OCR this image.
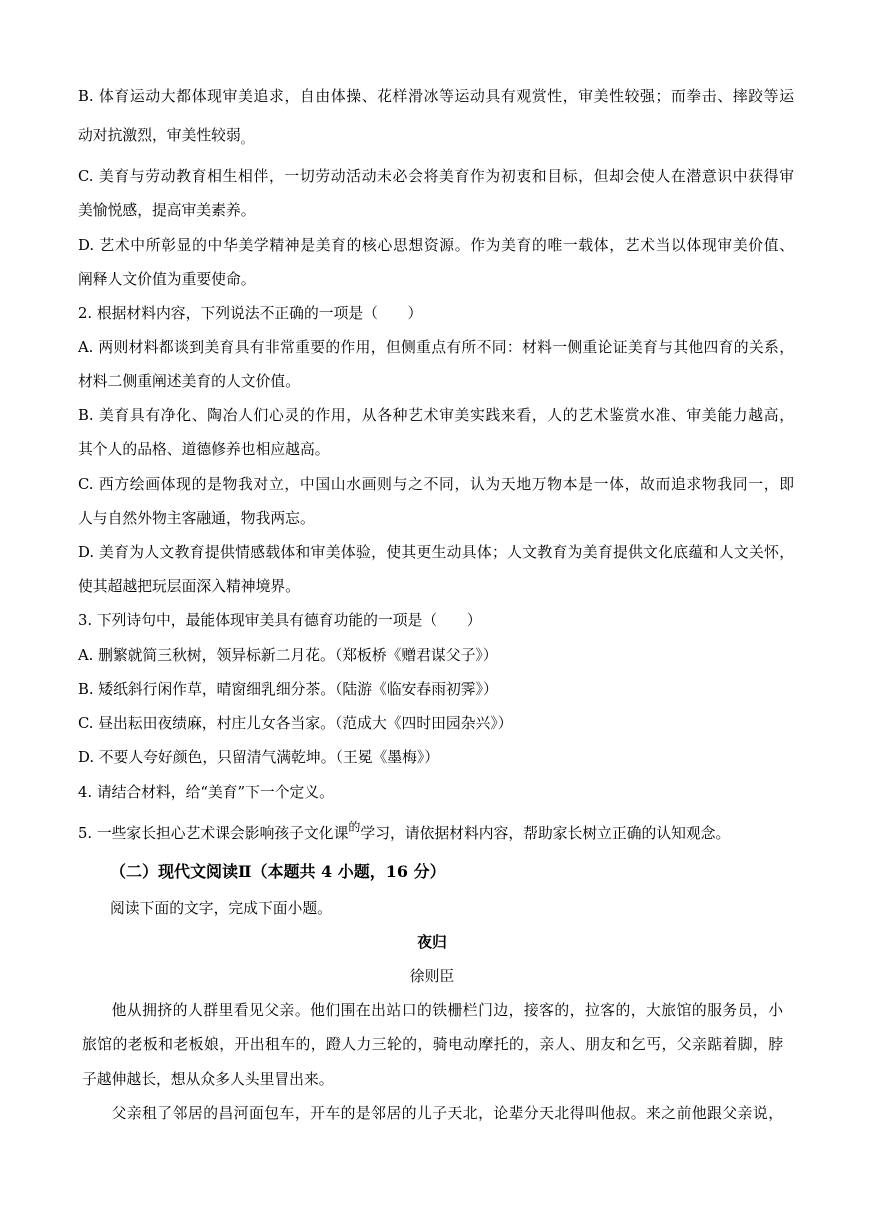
B. 体育运动大都体现审美追求，自由体操、花样滑冰等运动具有观赏性，审美性较强；而拳击、摔跤等运
动对抗激烈，审美性较弱$_。$
C. 美育与劳动教育相生相伴，一切劳动活动未必会将美育作为初衷和目标，但却会使人在潜意识中获得审
美愉悦感，提高审美素养。
D. 艺术中所彰显的中华美学精神是美育的核心思想资源。作为美育的唯一载体，艺术当以体现审美价值、
阐释人文价值为重要使命。
2. 根据材料内容，下列说法不正确的一项是（　　）
A. 两则材料都谈到美育具有非常重要的作用，但侧重点有所不同：材料一侧重论证美育与其他四育的关系，
材料二侧重阐述美育的人文价值。
B. 美育具有净化、陶冶人们心灵的作用，从各种艺术审美实践来看，人的艺术鉴赏水准、审美能力越高，
其个人的品格、道德修养也相应越高。
C. 西方绘画体现的是物我对立，中国山水画则与之不同，认为天地万物本是一体，故而追求物我同一，即
人与自然外物主客融通，物我两忘。
D. 美育为人文教育提供情感载体和审美体验，使其更生动具体；人文教育为美育提供文化底蕴和人文关怀，
使其超越把玩层面深入精神境界。
3. 下列诗句中，最能体现审美具有德育功能的一项是（　　）
A. 删繁就简三秋树，领异标新二月花。（郑板桥《赠君谋父子》）
B. 矮纸斜行闲作草，晴窗细乳细分茶。（陆游《临安春雨初霁》）
C. 昼出耘田夜绩麻，村庄儿女各当家。（范成大《四时田园杂兴》）
D. 不要人夸好颜色，只留清气满乾坤。（王冕《墨梅》）
4. 请结合材料，给“美育”下一个定义。
5. 一些家长担心艺术课会影响孩子文化课$^的$学习，请依据材料内容，帮助家长树立正确的认知观念。
（二）现代文阅读Ⅱ（本题共 4 小题，16 分）
阅读下面的文字，完成下面小题。
夜归
徐则臣
他从拥挤的人群里看见父亲。他们围在出站口的铁栅栏门边，接客的，拉客的，大旅馆的服务员，小
旅馆的老板和老板娘，开出租车的，蹬人力三轮的，骑电动摩托的，亲人、朋友和乞丐，父亲踮着脚，脖
子越伸越长，想从众多人头里冒出来。
父亲租了邻居的昌河面包车，开车的是邻居的儿子天北，论辈分天北得叫他叔。来之前他跟父亲说，
